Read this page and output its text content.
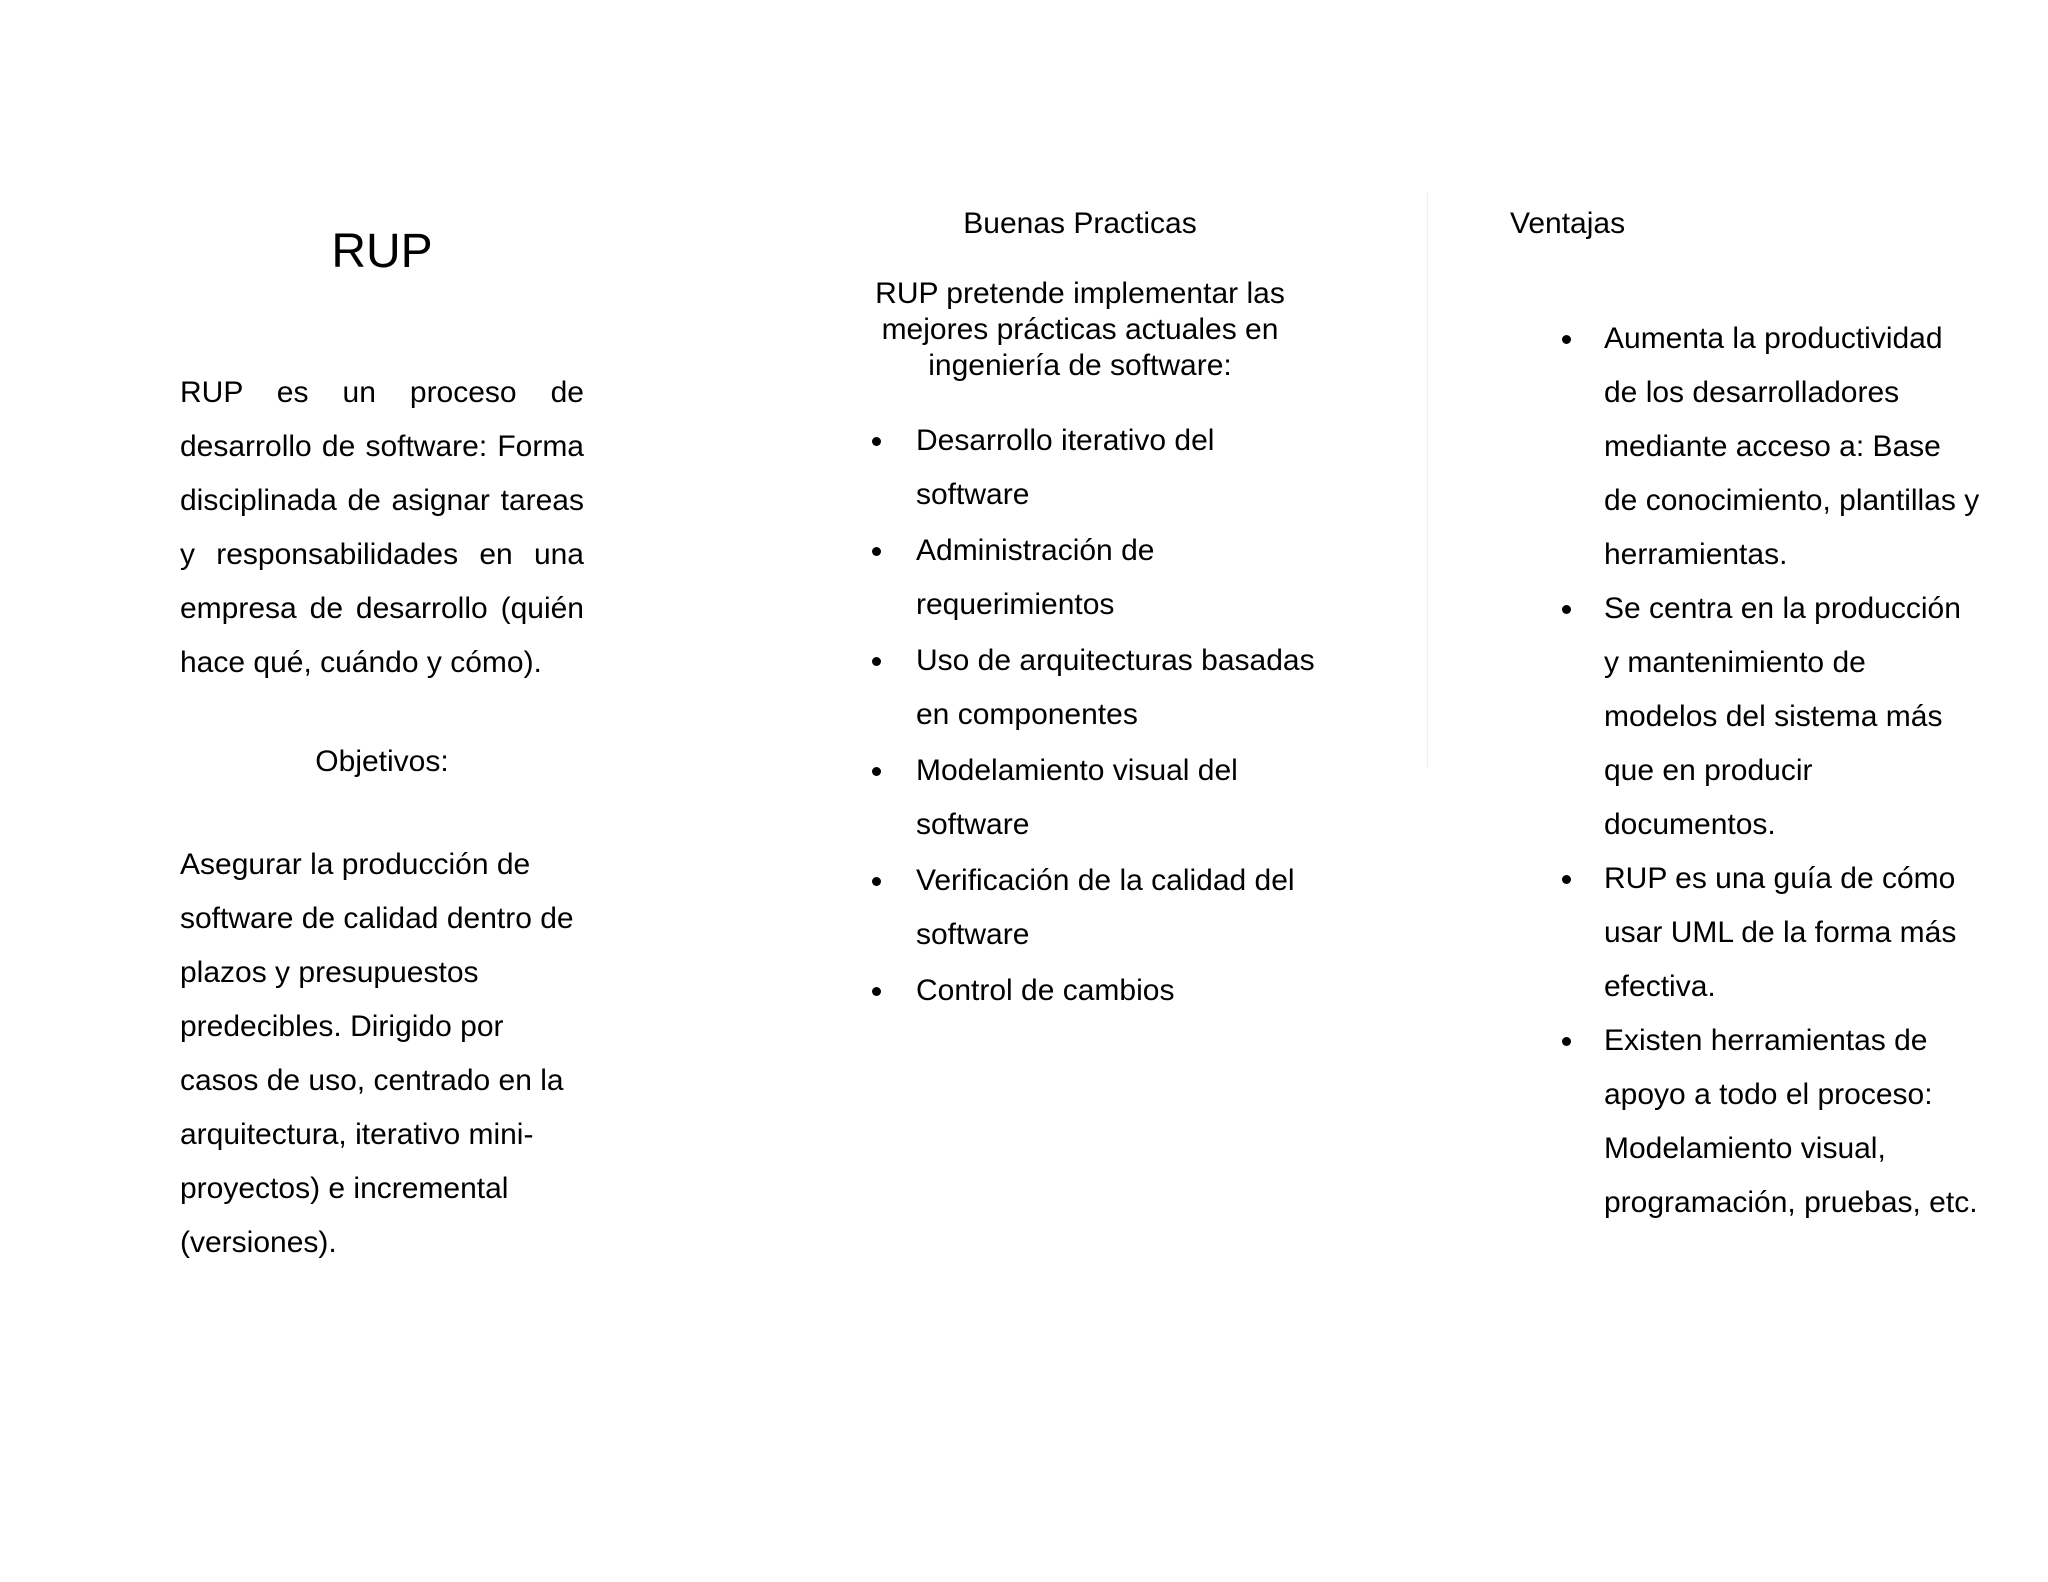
RUP

RUP es un proceso de desarrollo de software: Forma disciplinada de asignar tareas y responsabilidades en una empresa de desarrollo (quién hace qué, cuándo y cómo).

Objetivos:

Asegurar la producción de software de calidad dentro de plazos y presupuestos predecibles. Dirigido por casos de uso, centrado en la arquitectura, iterativo mini-proyectos) e incremental (versiones).

Buenas Practicas

RUP pretende implementar las mejores prácticas actuales en ingeniería de software:

Desarrollo iterativo del software
Administración de requerimientos
Uso de arquitecturas basadas en componentes
Modelamiento visual del software
Verificación de la calidad del software
Control de cambios
Ventajas
Aumenta la productividad de los desarrolladores mediante acceso a: Base de conocimiento, plantillas y herramientas.
Se centra en la producción y mantenimiento de modelos del sistema más que en producir documentos.
RUP es una guía de cómo usar UML de la forma más efectiva.
Existen herramientas de apoyo a todo el proceso: Modelamiento visual, programación, pruebas, etc.
